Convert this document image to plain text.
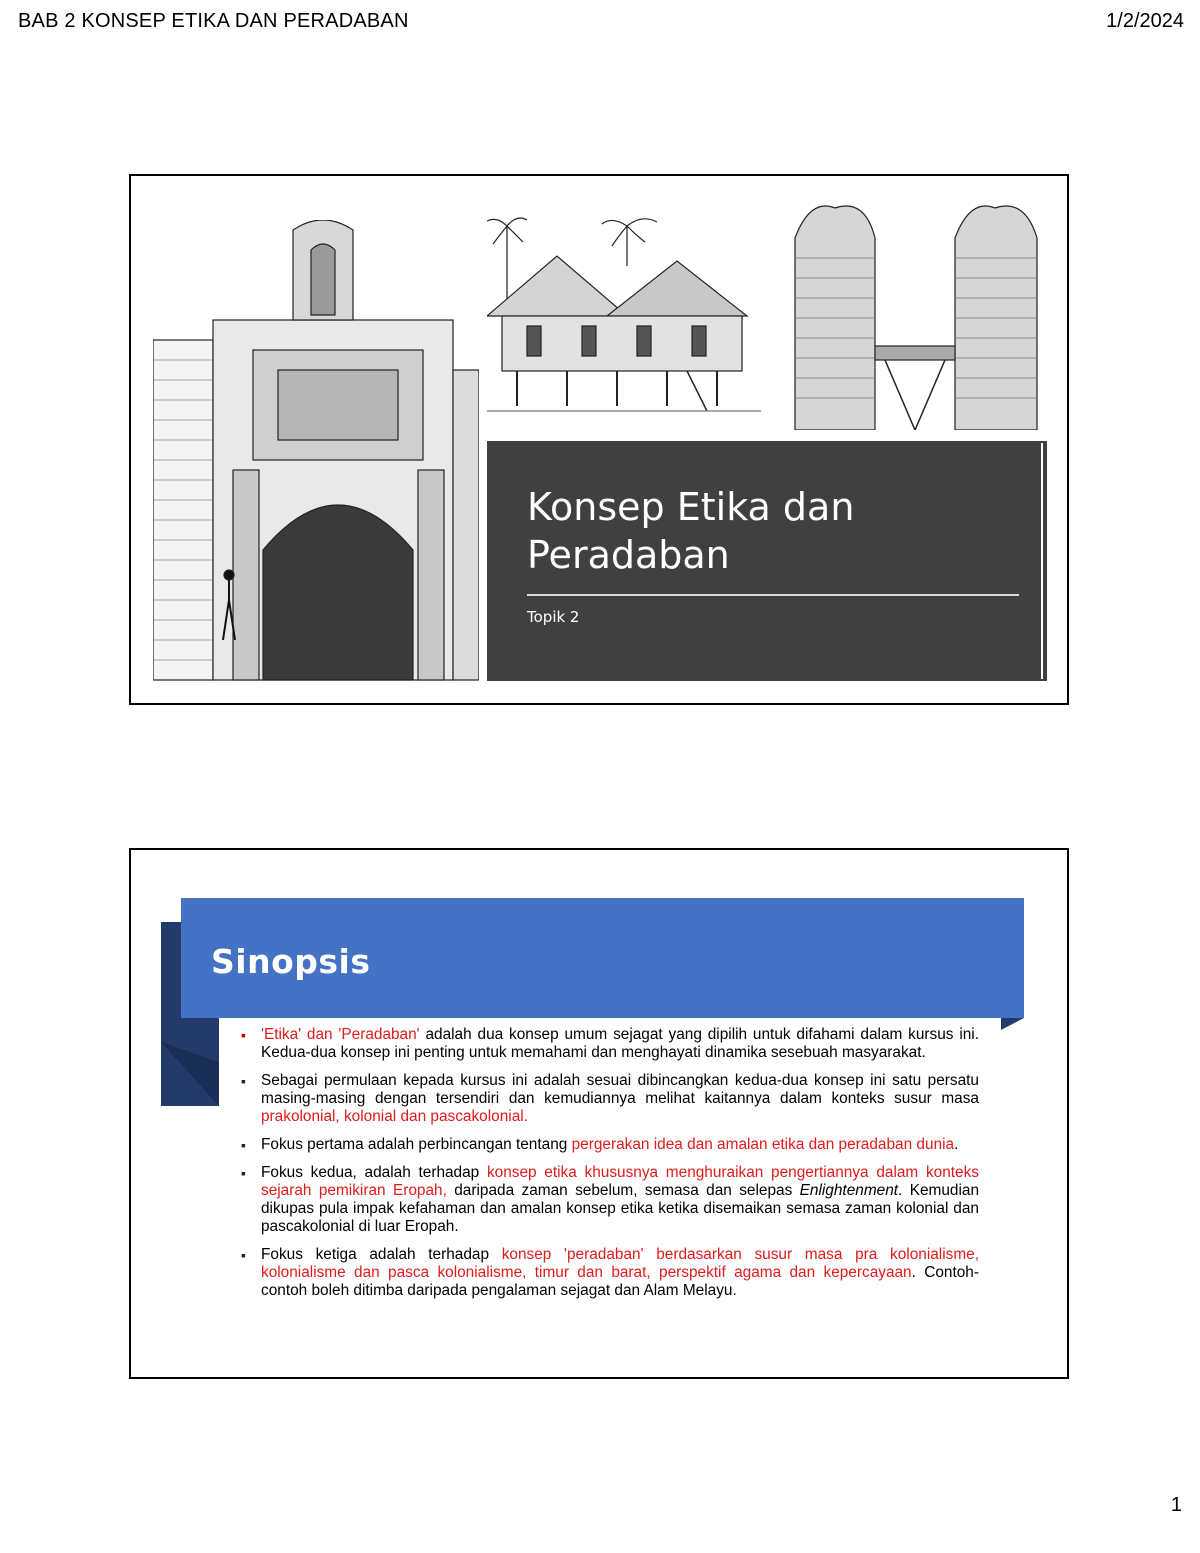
BAB 2 KONSEP ETIKA DAN PERADABAN	1/2/2024
Konsep Etika dan Peradaban
Topik 2
Sinopsis
▪ 'Etika' dan 'Peradaban' adalah dua konsep umum sejagat yang dipilih untuk difahami dalam kursus ini. Kedua-dua konsep ini penting untuk memahami dan menghayati dinamika sesebuah masyarakat.
▪ Sebagai permulaan kepada kursus ini adalah sesuai dibincangkan kedua-dua konsep ini satu persatu masing-masing dengan tersendiri dan kemudiannya melihat kaitannya dalam konteks susur masa prakolonial, kolonial dan pascakolonial.
▪ Fokus pertama adalah perbincangan tentang pergerakan idea dan amalan etika dan peradaban dunia.
▪ Fokus kedua, adalah terhadap konsep etika khususnya menghuraikan pengertiannya dalam konteks sejarah pemikiran Eropah, daripada zaman sebelum, semasa dan selepas Enlightenment. Kemudian dikupas pula impak kefahaman dan amalan konsep etika ketika disemaikan semasa zaman kolonial dan pascakolonial di luar Eropah.
▪ Fokus ketiga adalah terhadap konsep 'peradaban' berdasarkan susur masa pra kolonialisme, kolonialisme dan pasca kolonialisme, timur dan barat, perspektif agama dan kepercayaan. Contoh-contoh boleh ditimba daripada pengalaman sejagat dan Alam Melayu.
1
